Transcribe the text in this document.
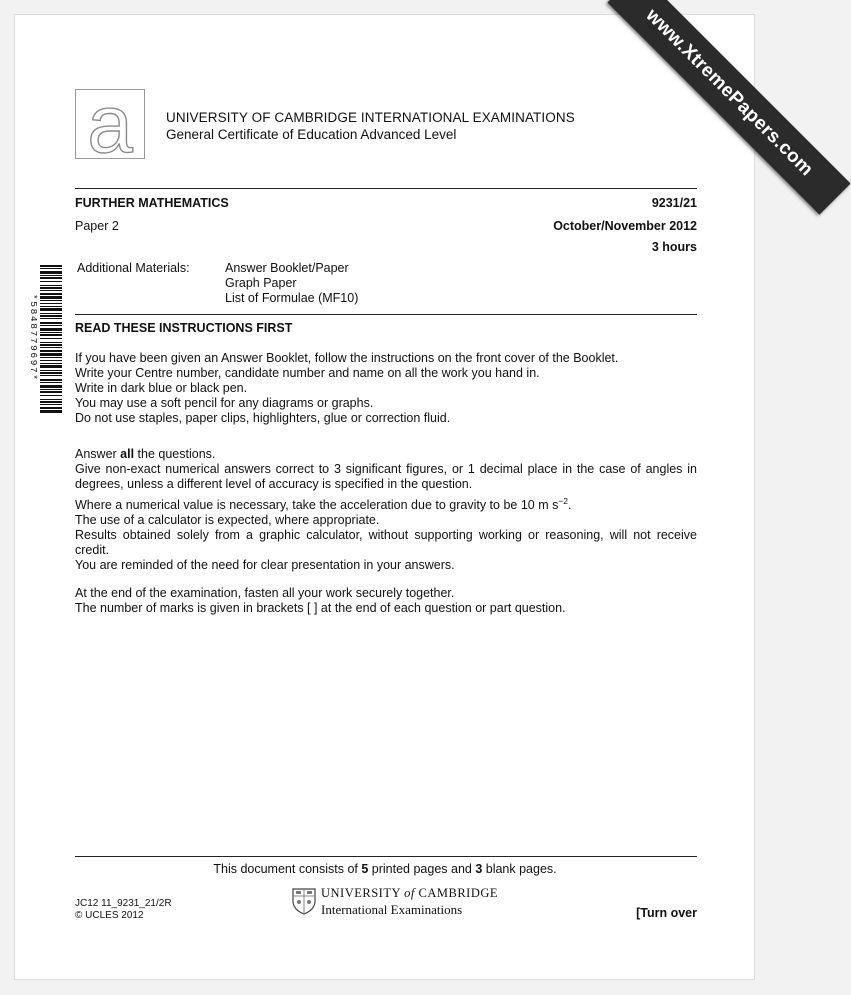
www.XtremePapers.com
a	UNIVERSITY OF CAMBRIDGE INTERNATIONAL EXAMINATIONS
General Certificate of Education Advanced Level
FURTHER MATHEMATICS	9231/21
Paper 2	October/November 2012
3 hours
Additional Materials:	Answer Booklet/Paper
Graph Paper
List of Formulae (MF10)
*5848779697*	READ THESE INSTRUCTIONS FIRST

If you have been given an Answer Booklet, follow the instructions on the front cover of the Booklet.

Write your Centre number, candidate number and name on all the work you hand in.

Write in dark blue or black pen.

You may use a soft pencil for any diagrams or graphs.

Do not use staples, paper clips, highlighters, glue or correction fluid.

Answer all the questions.

Give non-exact numerical answers correct to 3 significant figures, or 1 decimal place in the case of angles in degrees, unless a different level of accuracy is specified in the question.

Where a numerical value is necessary, take the acceleration due to gravity to be 10 m $s^{-2}$.

The use of a calculator is expected, where appropriate.

Results obtained solely from a graphic calculator, without supporting working or reasoning, will not receive credit.

You are reminded of the need for clear presentation in your answers.

At the end of the examination, fasten all your work securely together.

The number of marks is given in brackets [ ] at the end of each question or part question.

This document consists of 5 printed pages and 3 blank pages.
JC12 11_9231_21/2R
© UCLES 2012
UNIVERSITY of CAMBRIDGE
International Examinations	[Turn over
